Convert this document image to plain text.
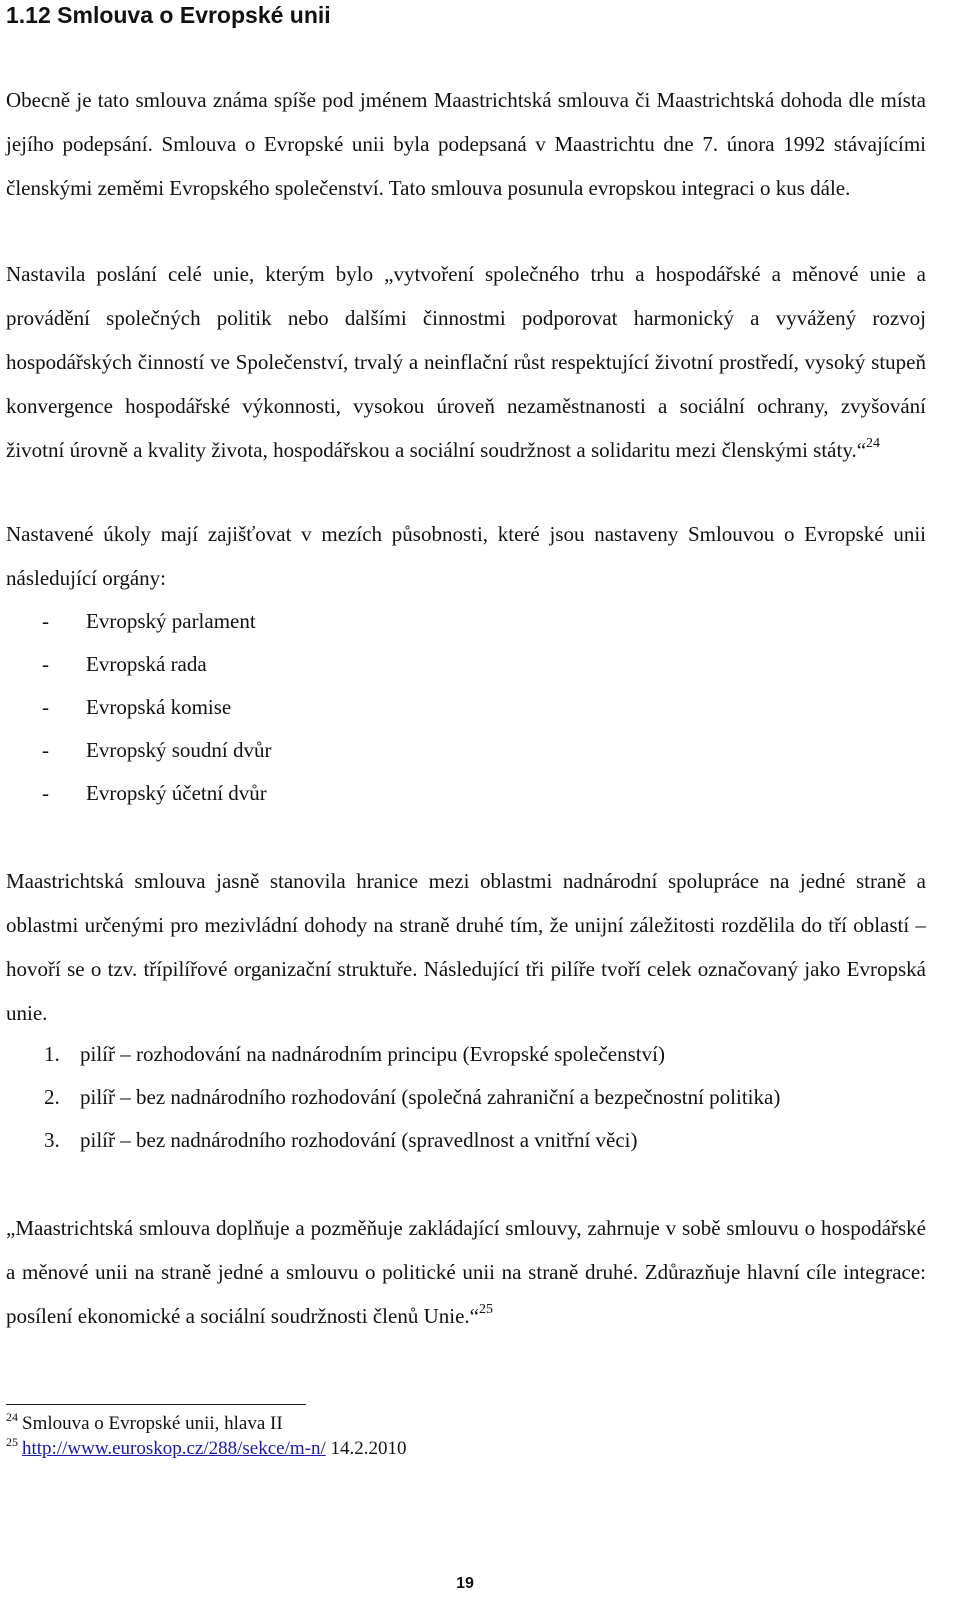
1.12 Smlouva o Evropské unii

Obecně je tato smlouva známa spíše pod jménem Maastrichtská smlouva či Maastrichtská dohoda dle místa jejího podepsání. Smlouva o Evropské unii byla podepsaná v Maastrichtu dne 7. února 1992 stávajícími členskými zeměmi Evropského společenství. Tato smlouva posunula evropskou integraci o kus dále.

Nastavila poslání celé unie, kterým bylo „vytvoření společného trhu a hospodářské a měnové unie a provádění společných politik nebo dalšími činnostmi podporovat harmonický a vyvážený rozvoj hospodářských činností ve Společenství, trvalý a neinflační růst respektující životní prostředí, vysoký stupeň konvergence hospodářské výkonnosti, vysokou úroveň nezaměstnanosti a sociální ochrany, zvyšování životní úrovně a kvality života, hospodářskou a sociální soudržnost a solidaritu mezi členskými státy.“$^{24}$

Nastavené úkoly mají zajišťovat v mezích působnosti, které jsou nastaveny Smlouvou o Evropské unii následující orgány:

- Evropský parlament
- Evropská rada
- Evropská komise
- Evropský soudní dvůr
- Evropský účetní dvůr

Maastrichtská smlouva jasně stanovila hranice mezi oblastmi nadnárodní spolupráce na jedné straně a oblastmi určenými pro mezivládní dohody na straně druhé tím, že unijní záležitosti rozdělila do tří oblastí – hovoří se o tzv. třípilířové organizační struktuře. Následující tři pilíře tvoří celek označovaný jako Evropská unie.

1. pilíř – rozhodování na nadnárodním principu (Evropské společenství)
2. pilíř – bez nadnárodního rozhodování (společná zahraniční a bezpečnostní politika)
3. pilíř – bez nadnárodního rozhodování (spravedlnost a vnitřní věci)

„Maastrichtská smlouva doplňuje a pozměňuje zakládající smlouvy, zahrnuje v sobě smlouvu o hospodářské a měnové unii na straně jedné a smlouvu o politické unii na straně druhé. Zdůrazňuje hlavní cíle integrace: posílení ekonomické a sociální soudržnosti členů Unie.“$^{25}$

$^{24}$ Smlouva o Evropské unii, hlava II
$^{25}$ http://www.euroskop.cz/288/sekce/m-n/ 14.2.2010
19
